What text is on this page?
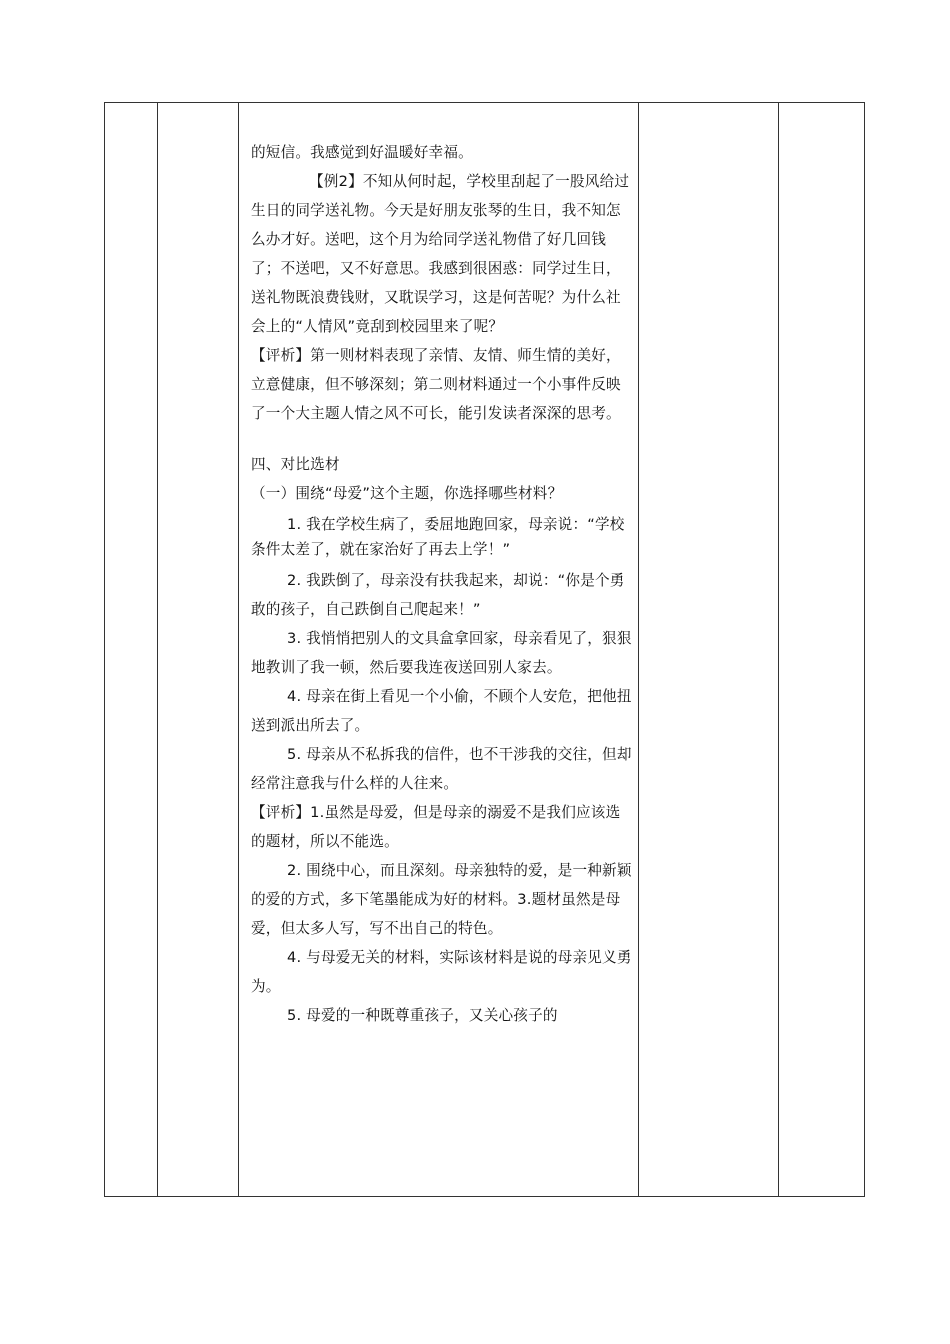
的短信。我感觉到好温暖好幸福。

【例2】不知从何时起，学校里刮起了一股风给过生日的同学送礼物。今天是好朋友张琴的生日，我不知怎么办才好。送吧，这个月为给同学送礼物借了好几回钱了；不送吧，又不好意思。我感到很困惑：同学过生日，送礼物既浪费钱财，又耽误学习，这是何苦呢？为什么社会上的“人情风”竟刮到校园里来了呢？

【评析】第一则材料表现了亲情、友情、师生情的美好，立意健康，但不够深刻；第二则材料通过一个小事件反映了一个大主题人情之风不可长，能引发读者深深的思考。

四、对比选材

（一）围绕“母爱”这个主题，你选择哪些材料？

1. 我在学校生病了，委屈地跑回家，母亲说：“学校条件太差了，就在家治好了再去上学！”

2. 我跌倒了，母亲没有扶我起来，却说：“你是个勇敢的孩子，自己跌倒自己爬起来！”

3. 我悄悄把别人的文具盒拿回家，母亲看见了，狠狠地教训了我一顿，然后要我连夜送回别人家去。

4. 母亲在街上看见一个小偷，不顾个人安危，把他扭送到派出所去了。

5. 母亲从不私拆我的信件，也不干涉我的交往，但却经常注意我与什么样的人往来。

【评析】1.虽然是母爱，但是母亲的溺爱不是我们应该选的题材，所以不能选。

2. 围绕中心，而且深刻。母亲独特的爱，是一种新颖的爱的方式，多下笔墨能成为好的材料。3.题材虽然是母爱，但太多人写，写不出自己的特色。

4. 与母爱无关的材料，实际该材料是说的母亲见义勇为。

5. 母爱的一种既尊重孩子，又关心孩子的
